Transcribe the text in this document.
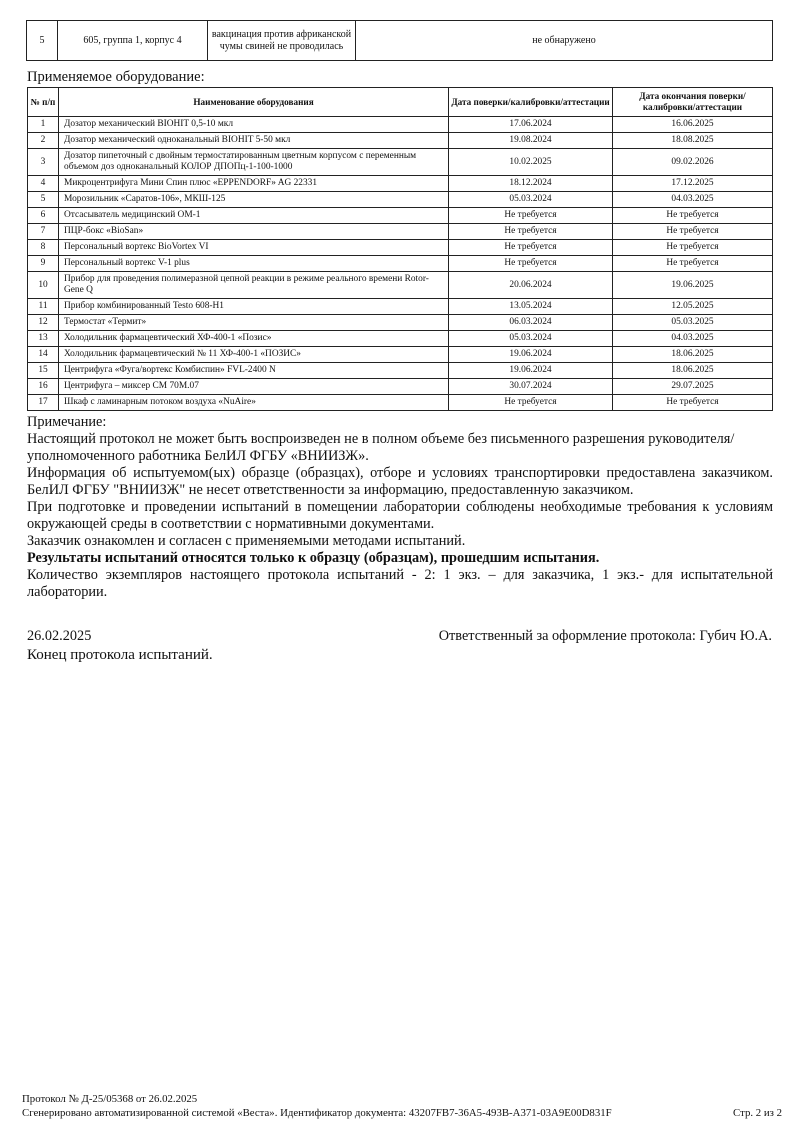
5	605, группа 1, корпус 4	вакцинация против африканской чумы свиней не проводилась	не обнаружено
Применяемое оборудование:
№ п/п	Наименование оборудования	Дата поверки/калибровки/аттестации	Дата окончания поверки/калибровки/аттестации
1	Дозатор механический BIOHIT 0,5-10 мкл	17.06.2024	16.06.2025
2	Дозатор механический одноканальный BIOHIT 5-50 мкл	19.08.2024	18.08.2025
3	Дозатор пипеточный с двойным термостатированным цветным корпусом с переменным объемом доз одноканальный КОЛОР ДПОПц-1-100-1000	10.02.2025	09.02.2026
4	Микроцентрифуга Мини Спин плюс «EPPENDORF» AG 22331	18.12.2024	17.12.2025
5	Морозильник «Саратов-106», МКШ-125	05.03.2024	04.03.2025
6	Отсасыватель медицинский ОМ-1	Не требуется	Не требуется
7	ПЦР-бокс «BioSan»	Не требуется	Не требуется
8	Персональный вортекс BioVortex VI	Не требуется	Не требуется
9	Персональный вортекс V-1 plus	Не требуется	Не требуется
10	Прибор для проведения полимеразной цепной реакции в режиме реального времени Rotor-Gene Q	20.06.2024	19.06.2025
11	Прибор комбинированный Testo 608-H1	13.05.2024	12.05.2025
12	Термостат «Термит»	06.03.2024	05.03.2025
13	Холодильник фармацевтический ХФ-400-1 «Позис»	05.03.2024	04.03.2025
14	Холодильник фармацевтический № 11 ХФ-400-1 «ПОЗИС»	19.06.2024	18.06.2025
15	Центрифуга «Фуга/вортекс Комбиспин» FVL-2400 N	19.06.2024	18.06.2025
16	Центрифуга – миксер СМ 70М.07	30.07.2024	29.07.2025
17	Шкаф с ламинарным потоком воздуха «NuAire»	Не требуется	Не требуется

Примечание:

Настоящий протокол не может быть воспроизведен не в полном объеме без письменного разрешения руководителя/уполномоченного работника БелИЛ ФГБУ «ВНИИЗЖ».

Информация об испытуемом(ых) образце (образцах), отборе и условиях транспортировки предоставлена заказчиком. БелИЛ ФГБУ "ВНИИЗЖ" не несет ответственности за информацию, предоставленную заказчиком.

При подготовке и проведении испытаний в помещении лаборатории соблюдены необходимые требования к условиям окружающей среды в соответствии с нормативными документами.

Заказчик ознакомлен и согласен с применяемыми методами испытаний.

Результаты испытаний относятся только к образцу (образцам), прошедшим испытания.

Количество экземпляров настоящего протокола испытаний - 2: 1 экз. – для заказчика, 1 экз.- для испытательной лаборатории.

26.02.2025	Ответственный за оформление протокола: Губич Ю.А.
Конец протокола испытаний.
Протокол № Д-25/05368 от 26.02.2025
Сгенерировано автоматизированной системой «Веста». Идентификатор документа: 43207FB7-36A5-493B-A371-03A9E00D831F	Стр. 2 из 2
